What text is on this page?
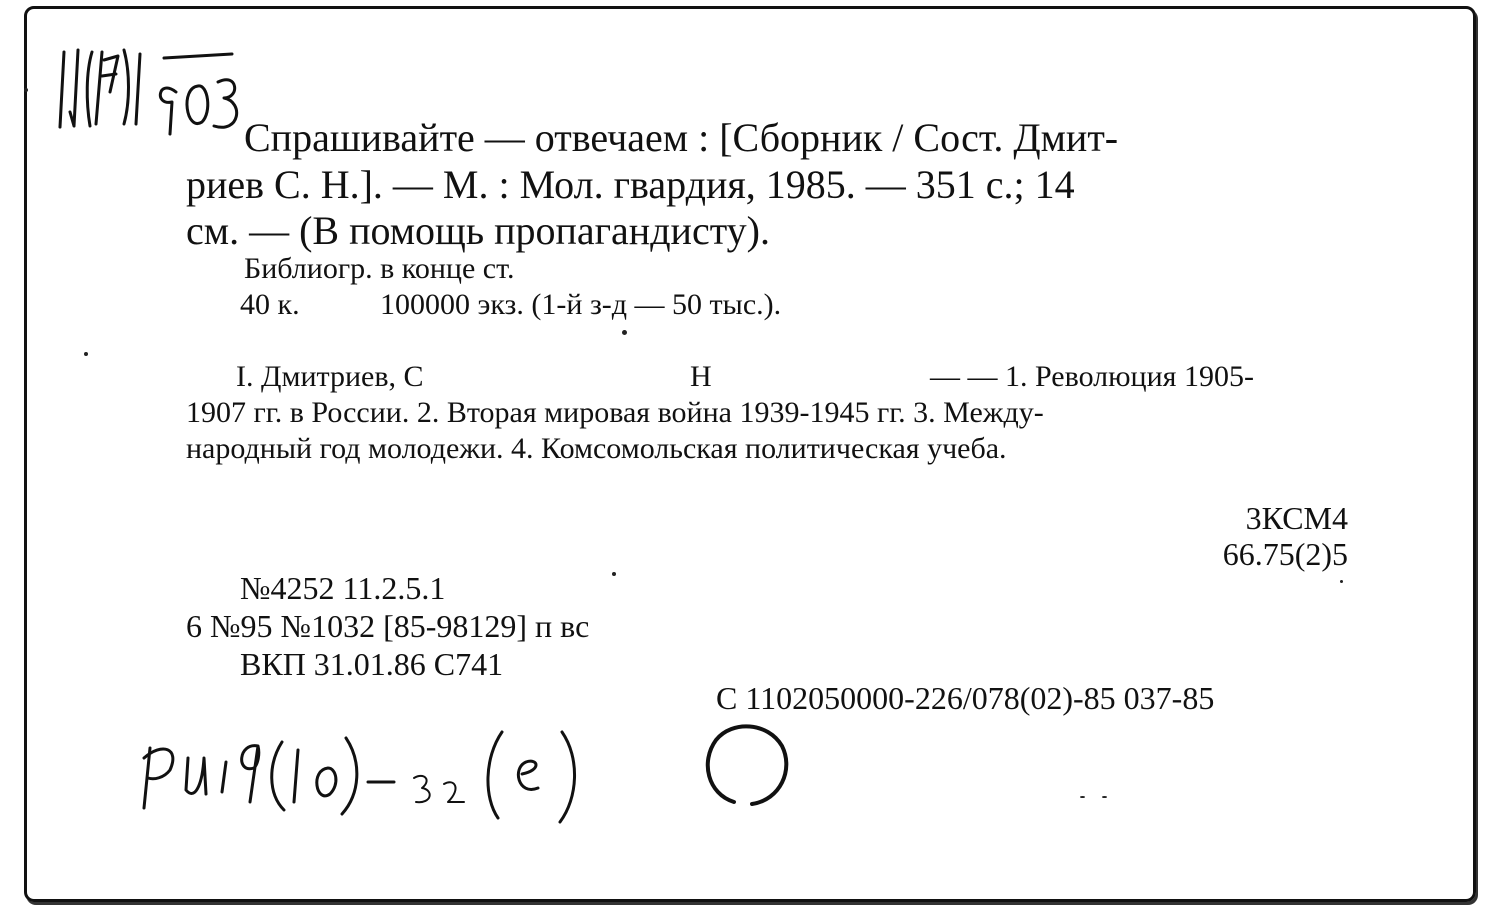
Спрашивайте — отвечаем : [Сборник / Сост. Дмит-
риев С. Н.]. — М. : Мол. гвардия, 1985. — 351 с.; 14
см. — (В помощь пропагандисту).
Библиогр. в конце ст.
40 к.	100000 экз. (1-й з-д — 50 тыс.).
I. Дмитриев, С	Н	— — 1. Революция 1905-
1907 гг. в России. 2. Вторая мировая война 1939-1945 гг. 3. Между-
народный год молодежи. 4. Комсомольская политическая учеба.
3КСМ4
66.75(2)5
№4252 11.2.5.1
6 №95 №1032 [85-98129] п вс
ВКП 31.01.86 С741
С 1102050000-226/078(02)-85 037-85
